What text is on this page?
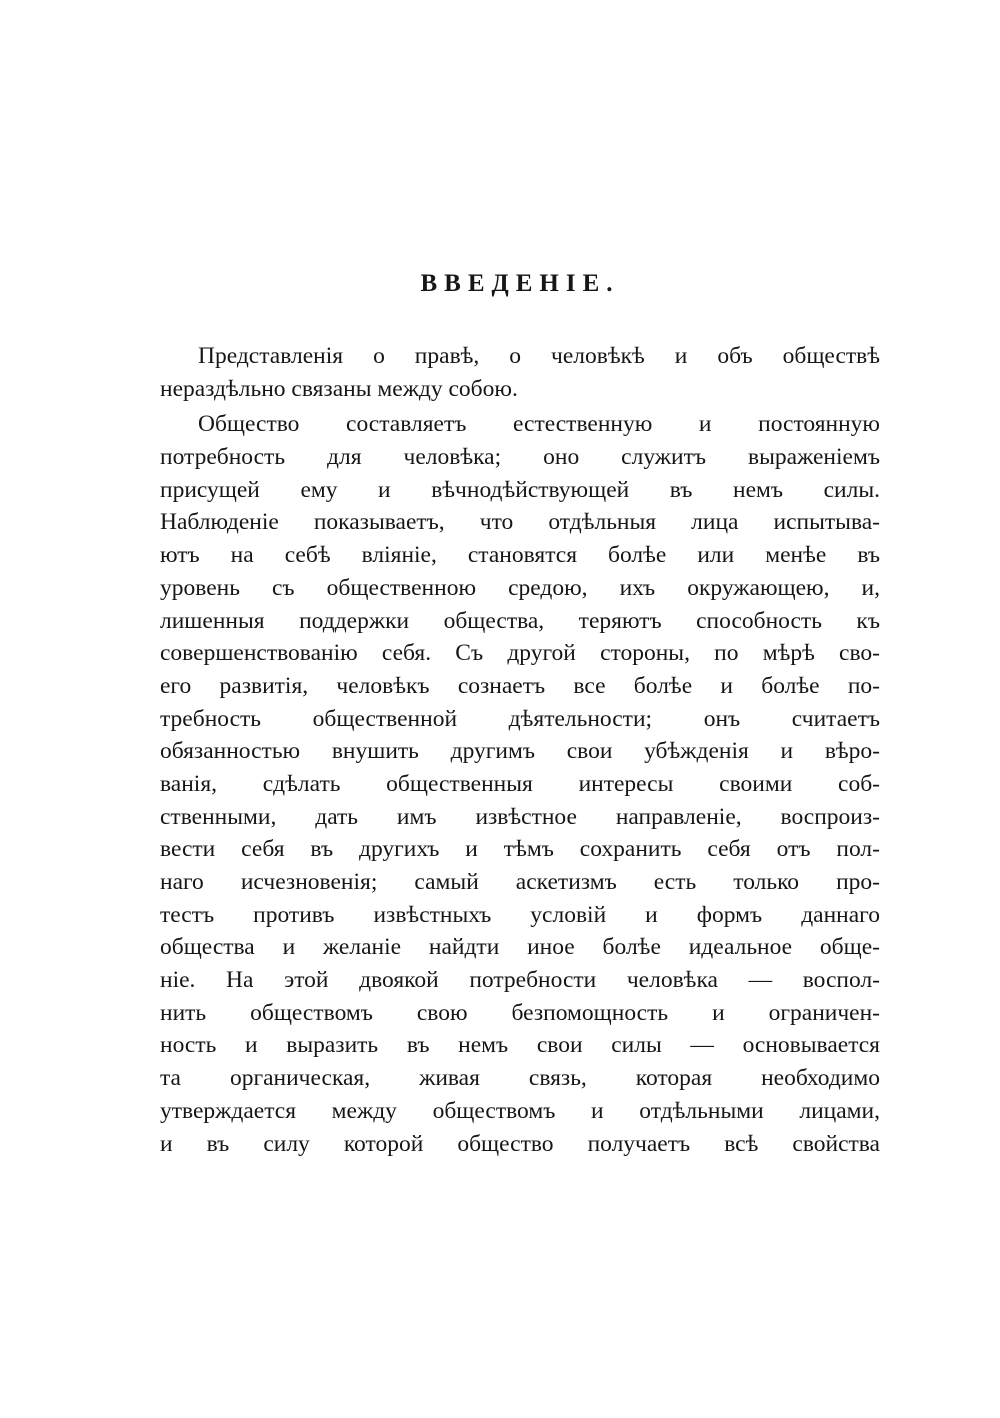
ВВЕДЕНІЕ.
Представленія о правѣ, о человѣкѣ и объ обществѣ
нераздѣльно связаны между собою.
Общество составляетъ естественную и постоянную
потребность для человѣка; оно служитъ выраженіемъ
присущей ему и вѣчнодѣйствующей въ немъ силы.
Наблюденіе показываетъ, что отдѣльныя лица испытыва-
ютъ на себѣ вліяніе, становятся болѣе или менѣе въ
уровень съ общественною средою, ихъ окружающею, и,
лишенныя поддержки общества, теряютъ способность къ
совершенствованію себя. Съ другой стороны, по мѣрѣ сво-
его развитія, человѣкъ сознаетъ все болѣе и болѣе по-
требность общественной дѣятельности; онъ считаетъ
обязанностью внушить другимъ свои убѣжденія и вѣро-
ванія, сдѣлать общественныя интересы своими соб-
ственными, дать имъ извѣстное направленіе, воспроиз-
вести себя въ другихъ и тѣмъ сохранить себя отъ пол-
наго исчезновенія; самый аскетизмъ есть только про-
тестъ противъ извѣстныхъ условій и формъ даннаго
общества и желаніе найдти иное болѣе идеальное обще-
ніе. На этой двоякой потребности человѣка — воспол-
нить обществомъ свою безпомощность и ограничен-
ность и выразить въ немъ свои силы — основывается
та органическая, живая связь, которая необходимо
утверждается между обществомъ и отдѣльными лицами,
и въ силу которой общество получаетъ всѣ свойства
